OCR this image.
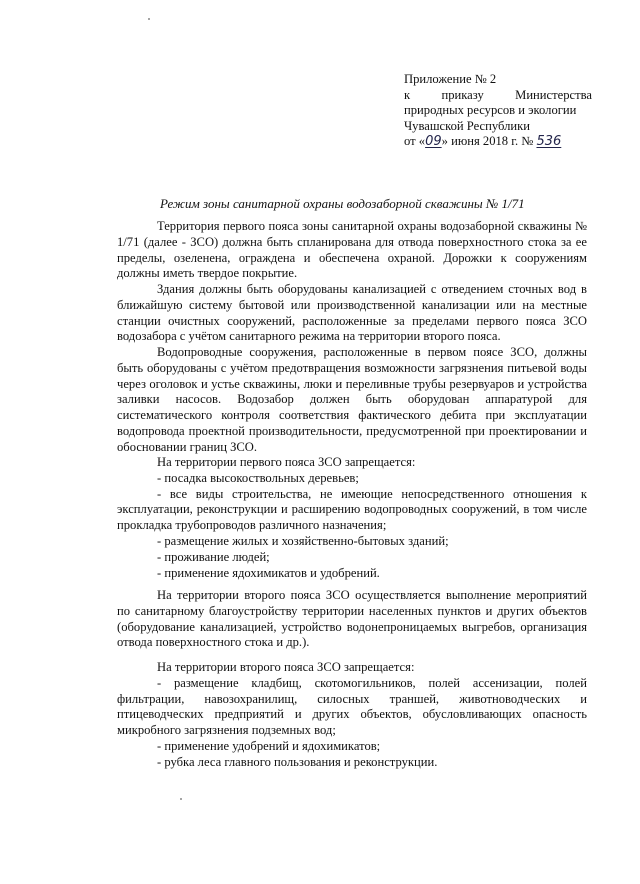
Приложение № 2
к приказу Министерства
природных ресурсов и экологии
Чувашской Республики
от «09» июня 2018 г. № 536
Режим зоны санитарной охраны водозаборной скважины № 1/71

Территория первого пояса зоны санитарной охраны водозаборной скважины № 1/71 (далее - ЗСО) должна быть спланирована для отвода поверхностного стока за ее пределы, озеленена, ограждена и обеспечена охраной. Дорожки к сооружениям должны иметь твердое покрытие.

Здания должны быть оборудованы канализацией с отведением сточных вод в ближайшую систему бытовой или производственной канализации или на местные станции очистных сооружений, расположенные за пределами первого пояса ЗСО водозабора с учётом санитарного режима на территории второго пояса.

Водопроводные сооружения, расположенные в первом поясе ЗСО, должны быть оборудованы с учётом предотвращения возможности загрязнения питьевой воды через оголовок и устье скважины, люки и переливные трубы резервуаров и устройства заливки насосов. Водозабор должен быть оборудован аппаратурой для систематического контроля соответствия фактического дебита при эксплуатации водопровода проектной производительности, предусмотренной при проектировании и обосновании границ ЗСО.

На территории первого пояса ЗСО запрещается:

- посадка высокоствольных деревьев;

- все виды строительства, не имеющие непосредственного отношения к эксплуатации, реконструкции и расширению водопроводных сооружений, в том числе прокладка трубопроводов различного назначения;

- размещение жилых и хозяйственно-бытовых зданий;

- проживание людей;

- применение ядохимикатов и удобрений.

На территории второго пояса ЗСО осуществляется выполнение мероприятий по санитарному благоустройству территории населенных пунктов и других объектов (оборудование канализацией, устройство водонепроницаемых выгребов, организация отвода поверхностного стока и др.).

На территории второго пояса ЗСО запрещается:

- размещение кладбищ, скотомогильников, полей ассенизации, полей фильтрации, навозохранилищ, силосных траншей, животноводческих и птицеводческих предприятий и других объектов, обусловливающих опасность микробного загрязнения подземных вод;

- применение удобрений и ядохимикатов;

- рубка леса главного пользования и реконструкции.
